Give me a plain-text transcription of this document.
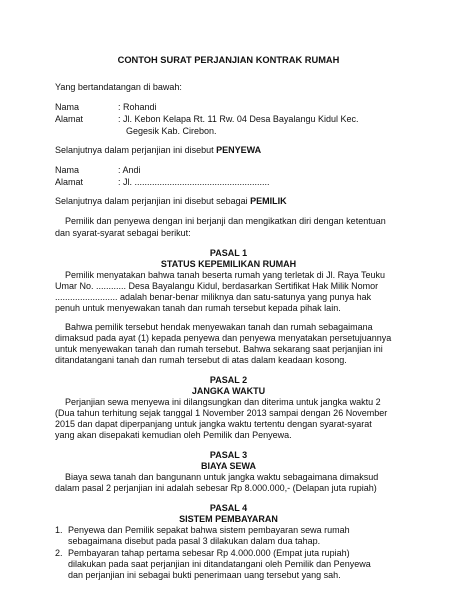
CONTOH SURAT PERJANJIAN KONTRAK RUMAH
Yang bertandatangan di bawah:
Nama	: Rohandi
Alamat	: Jl. Kebon Kelapa Rt. 11 Rw. 04 Desa Bayalangu Kidul Kec.
Gegesik Kab. Cirebon.
Selanjutnya dalam perjanjian ini disebut PENYEWA
Nama	: Andi
Alamat	: Jl. ......................................................
Selanjutnya dalam perjanjian ini disebut sebagai PEMILIK
Pemilik dan penyewa dengan ini berjanji dan mengikatkan diri dengan ketentuan
dan syarat-syarat sebagai berikut:
PASAL 1
STATUS KEPEMILIKAN RUMAH
Pemilik menyatakan bahwa tanah beserta rumah yang terletak di Jl. Raya Teuku
Umar No. ............ Desa Bayalangu Kidul, berdasarkan Sertifikat Hak Milik Nomor
......................... adalah benar-benar miliknya dan satu-satunya yang punya hak
penuh untuk menyewakan tanah dan rumah tersebut kepada pihak lain.
Bahwa pemilik tersebut hendak menyewakan tanah dan rumah sebagaimana
dimaksud pada ayat (1) kepada penyewa dan penyewa menyatakan persetujuannya
untuk menyewakan tanah dan rumah tersebut. Bahwa sekarang saat perjanjian ini
ditandatangani tanah dan rumah tersebut di atas dalam keadaan kosong.
PASAL 2
JANGKA WAKTU
Perjanjian sewa menyewa ini dilangsungkan dan diterima untuk jangka waktu 2
(Dua tahun terhitung sejak tanggal 1 November 2013 sampai dengan 26 November
2015 dan dapat diperpanjang untuk jangka waktu tertentu dengan syarat-syarat
yang akan disepakati kemudian oleh Pemilik dan Penyewa.
PASAL 3
BIAYA SEWA
Biaya sewa tanah dan bangunann untuk jangka waktu sebagaimana dimaksud
dalam pasal 2 perjanjian ini adalah sebesar Rp 8.000.000,- (Delapan juta rupiah)
PASAL 4
SISTEM PEMBAYARAN
1. Penyewa dan Pemilik sepakat bahwa sistem pembayaran sewa rumah
sebagaimana disebut pada pasal 3 dilakukan dalam dua tahap.
2. Pembayaran tahap pertama sebesar Rp 4.000.000 (Empat juta rupiah)
dilakukan pada saat perjanjian ini ditandatangani oleh Pemilik dan Penyewa
dan perjanjian ini sebagai bukti penerimaan uang tersebut yang sah.
